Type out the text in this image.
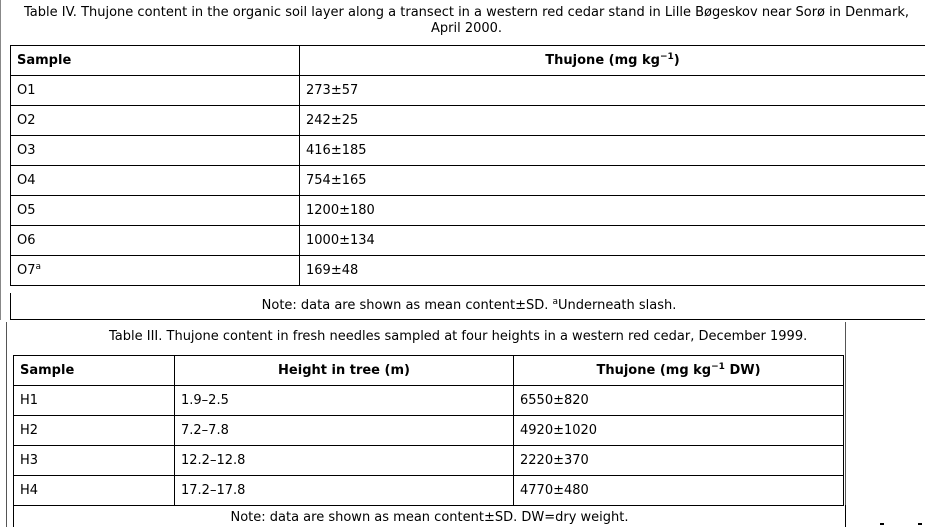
Table IV. Thujone content in the organic soil layer along a transect in a western red cedar stand in Lille Bøgeskov near Sorø in Denmark, April 2000.
Sample	Thujone (mg $kg^{-1}$)
O1	273±57
O2	242±25
O3	416±185
O4	754±165
O5	1200±180
O6	1000±134
O7$^a$	169±48
Note: data are shown as mean content±SD. $^a$Underneath slash.
Table III. Thujone content in fresh needles sampled at four heights in a western red cedar, December 1999.
Sample	Height in tree (m)	Thujone (mg $kg^{-1}$ DW)
H1	1.9–2.5	6550±820
H2	7.2–7.8	4920±1020
H3	12.2–12.8	2220±370
H4	17.2–17.8	4770±480
Note: data are shown as mean content±SD. DW=dry weight.
